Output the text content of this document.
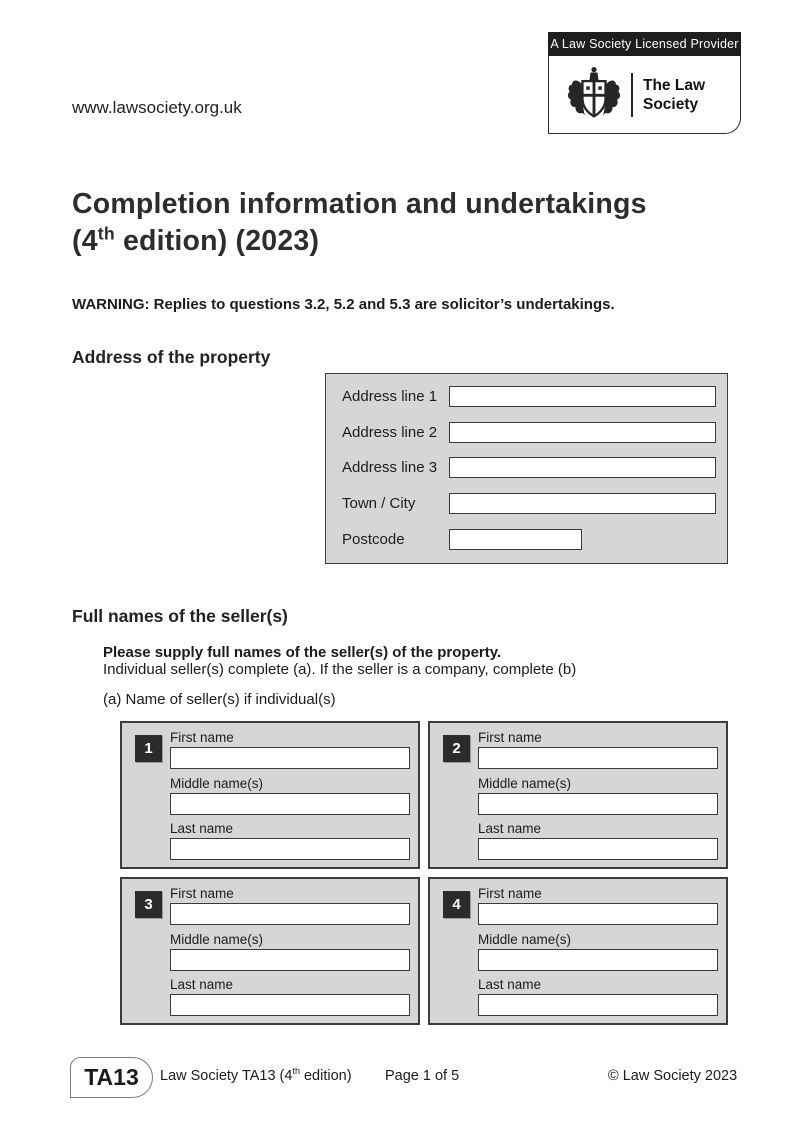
www.lawsociety.org.uk
A Law Society Licensed Provider
The Law
Society
Completion information and undertakings
(4th edition) (2023)

WARNING: Replies to questions 3.2, 5.2 and 5.3 are solicitor’s undertakings.

Address of the property
Address line 1
Address line 2
Address line 3
Town / City
Postcode
Full names of the seller(s)

Please supply full names of the seller(s) of the property.

Individual seller(s) complete (a). If the seller is a company, complete (b)

(a) Name of seller(s) if individual(s)

1
First name
Middle name(s)
Last name
2
First name
Middle name(s)
Last name
3
First name
Middle name(s)
Last name
4
First name
Middle name(s)
Last name
TA13	Law Society TA13 (4th edition) Page 1 of 5	© Law Society 2023
